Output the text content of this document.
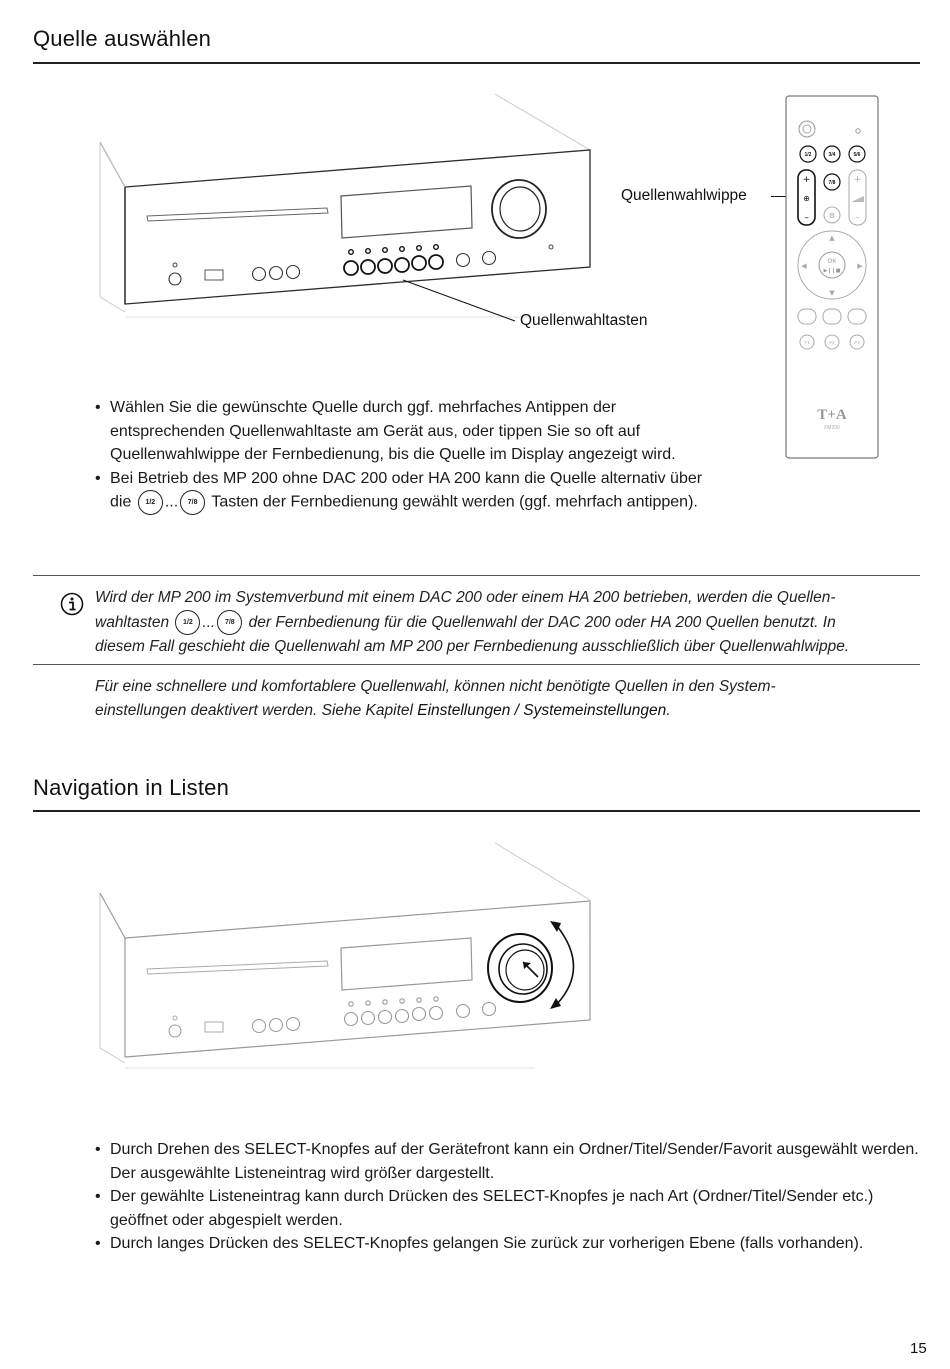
Quelle auswählen
Quellenwahltasten
Quellenwahlwippe
1/2	3/4	5/6
7/8
+
⊕
–	⚙
+
–
OK
▶❙❙■
▲
▼
◀	▶
F1	F2	F3
T+A
FM200
• Wählen Sie die gewünschte Quelle durch ggf. mehrfaches Antippen der entsprechenden Quellenwahltaste am Gerät aus, oder tippen Sie so oft auf Quellenwahlwippe der Fernbedienung, bis die Quelle im Display angezeigt wird.
• Bei Betrieb des MP 200 ohne DAC 200 oder HA 200 kann die Quelle alternativ über die 1/2 ... 7/8 Tasten der Fernbedienung gewählt werden (ggf. mehrfach antippen).
Wird der MP 200 im Systemverbund mit einem DAC 200 oder einem HA 200 betrieben, werden die Quellen-
wahltasten 1/2 ... 7/8 der Fernbedienung für die Quellenwahl der DAC 200 oder HA 200 Quellen benutzt. In
diesem Fall geschieht die Quellenwahl am MP 200 per Fernbedienung ausschließlich über Quellenwahlwippe.
Für eine schnellere und komfortablere Quellenwahl, können nicht benötigte Quellen in den System-
einstellungen deaktivert werden. Siehe Kapitel Einstellungen / Systemeinstellungen.
Navigation in Listen
• Durch Drehen des SELECT-Knopfes auf der Gerätefront kann ein Ordner/Titel/Sender/Favorit ausgewählt werden. Der ausgewählte Listeneintrag wird größer dargestellt.
• Der gewählte Listeneintrag kann durch Drücken des SELECT-Knopfes je nach Art (Ordner/Titel/Sender etc.) geöffnet oder abgespielt werden.
• Durch langes Drücken des SELECT-Knopfes gelangen Sie zurück zur vorherigen Ebene (falls vorhanden).
15
